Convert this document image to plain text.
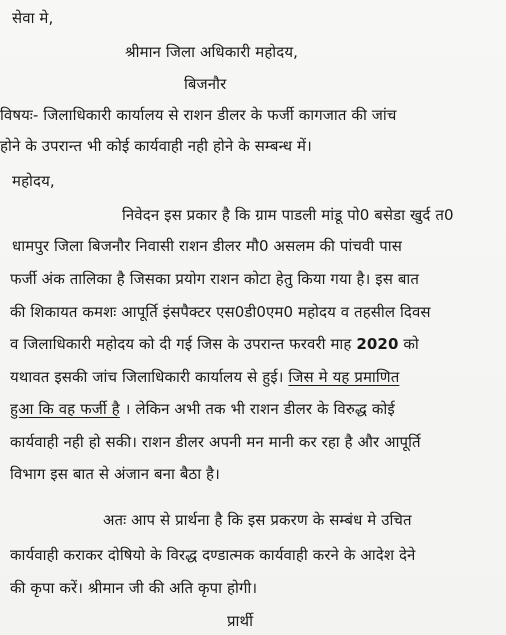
सेवा मे,
श्रीमान जिला अधिकारी महोदय,
बिजनौर
विषयः- जिलाधिकारी कार्यालय से राशन डीलर के फर्जी कागजात की जांच
होने के उपरान्त भी कोई कार्यवाही नही होने के सम्बन्ध में।
महोदय,
निवेदन इस प्रकार है कि ग्राम पाडली मांडू पो0 बसेडा खुर्द त0
धामपुर जिला बिजनौर निवासी राशन डीलर मौ0 असलम की पांचवी पास
फर्जी अंक तालिका है जिसका प्रयोग राशन कोटा हेतु किया गया है। इस बात
की शिकायत कमशः आपूर्ति इंसपैक्टर एस0डी0एम0 महोदय व तहसील दिवस
व जिलाधिकारी महोदय को दी गई जिस के उपरान्त फरवरी माह 2020 को
यथावत इसकी जांच जिलाधिकारी कार्यालय से हुई। जिस मे यह प्रमाणित
हुआ कि वह फर्जी है । लेकिन अभी तक भी राशन डीलर के विरुद्ध कोई
कार्यवाही नही हो सकी। राशन डीलर अपनी मन मानी कर रहा है और आपूर्ति
विभाग इस बात से अंजान बना बैठा है।
अतः आप से प्रार्थना है कि इस प्रकरण के सम्बंध मे उचित
कार्यवाही कराकर दोषियो के विरद्ध दण्डात्मक कार्यवाही करने के आदेश देने
की कृपा करें। श्रीमान जी की अति कृपा होगी।
प्रार्थी
